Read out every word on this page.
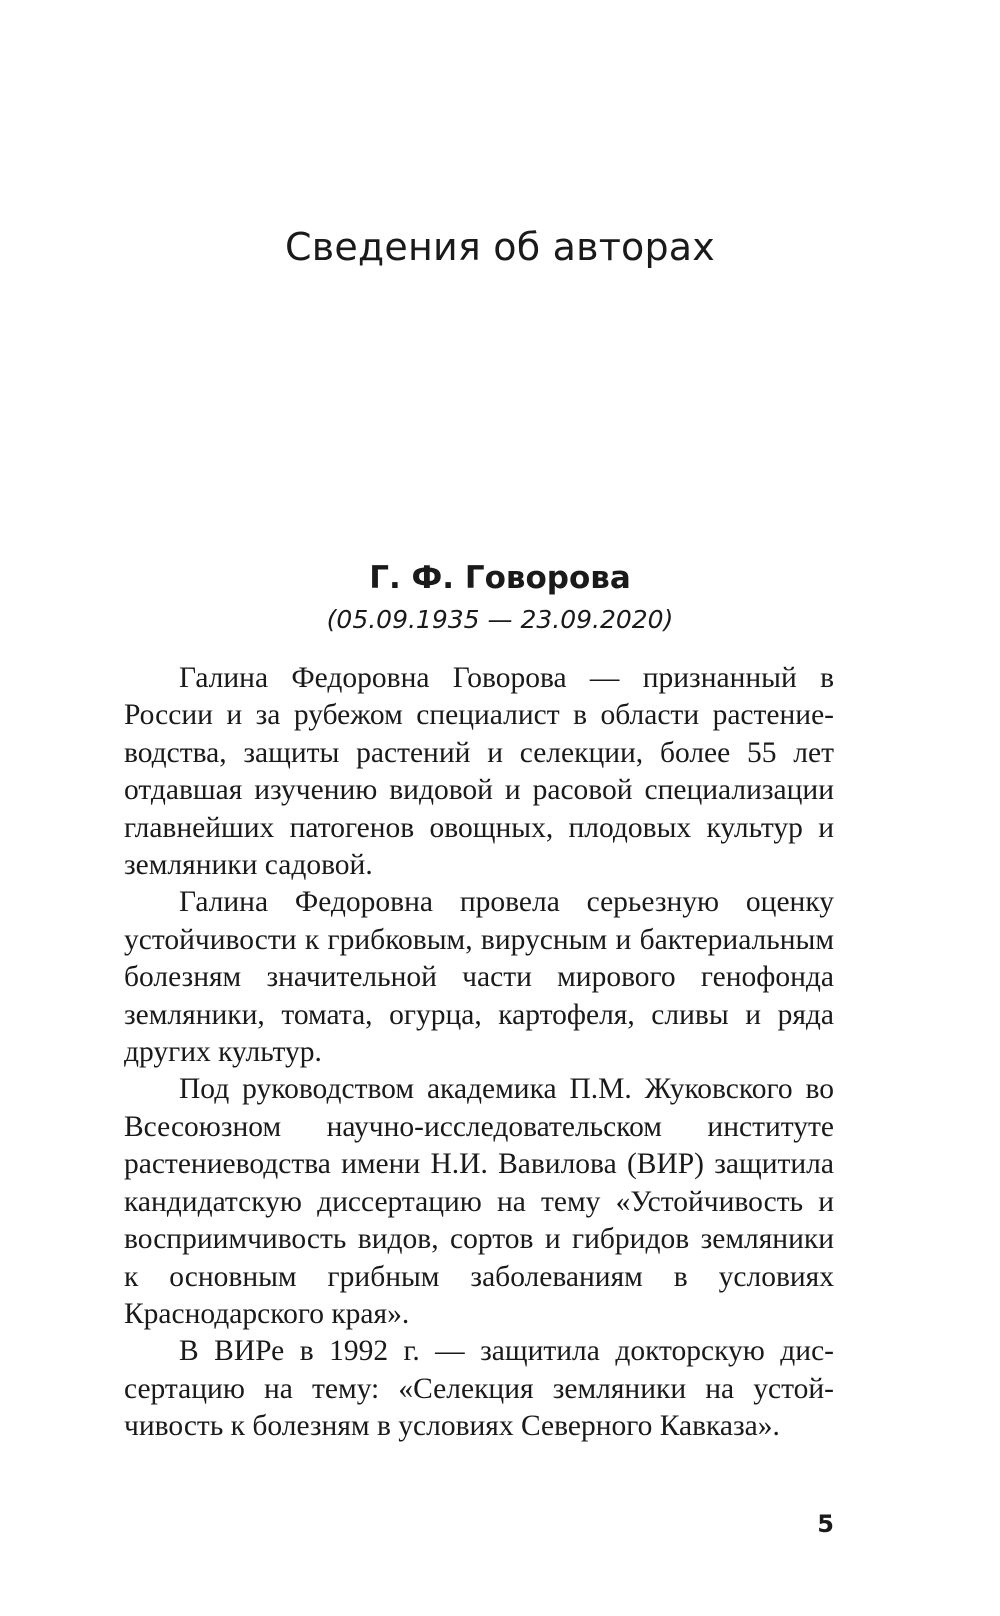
Сведения об авторах
Г. Ф. Говорова
(05.09.1935 — 23.09.2020)

Галина Федоровна Говорова — признанный в России и за рубежом специалист в области растениеводства, защиты растений и селекции, более 55 лет отдавшая изучению видовой и расовой специализации главнейших патогенов овощных, плодовых культур и земляники садовой.

Галина Федоровна провела серьезную оценку устойчивости к грибковым, вирусным и бактериальным болезням значительной части мирового генофонда земляники, томата, огурца, картофеля, сливы и ряда других культур.

Под руководством академика П.М. Жуковского во Всесоюзном научно-исследовательском институте растениеводства имени Н.И. Вавилова (ВИР) защитила кандидатскую диссертацию на тему «Устойчивость и восприимчивость видов, сортов и гибридов земляники к основным грибным заболеваниям в условиях Краснодарского края».

В ВИРе в 1992 г. — защитила докторскую диссертацию на тему: «Селекция земляники на устойчивость к болезням в условиях Северного Кавказа».

5
